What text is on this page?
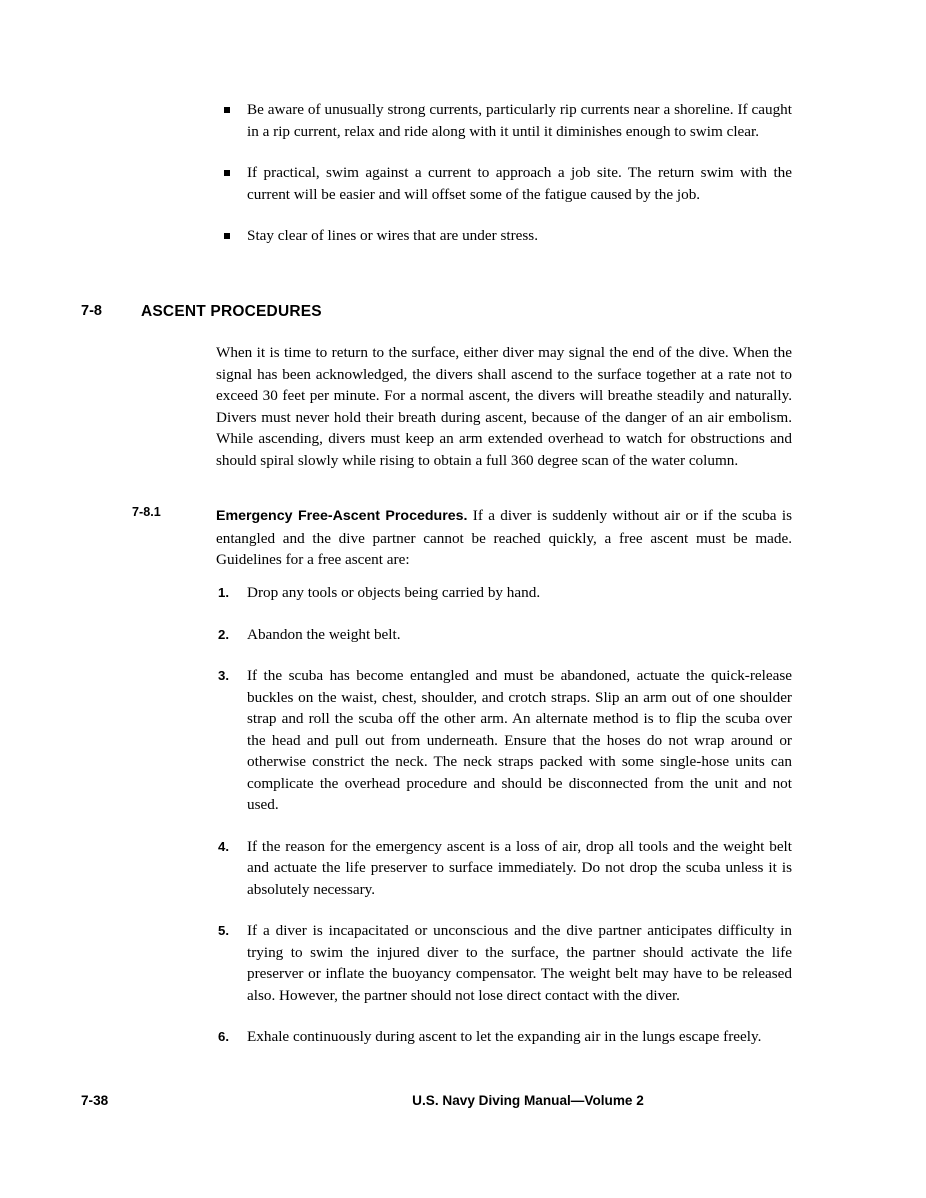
Be aware of unusually strong currents, particularly rip currents near a shoreline. If caught in a rip current, relax and ride along with it until it diminishes enough to swim clear.
If practical, swim against a current to approach a job site. The return swim with the current will be easier and will offset some of the fatigue caused by the job.
Stay clear of lines or wires that are under stress.
7-8	ASCENT PROCEDURES

When it is time to return to the surface, either diver may signal the end of the dive. When the signal has been acknowledged, the divers shall ascend to the surface together at a rate not to exceed 30 feet per minute. For a normal ascent, the divers will breathe steadily and naturally. Divers must never hold their breath during ascent, because of the danger of an air embolism. While ascending, divers must keep an arm extended overhead to watch for obstructions and should spiral slowly while rising to obtain a full 360 degree scan of the water column.

7-8.1	Emergency Free-Ascent Procedures. If a diver is suddenly without air or if the scuba is entangled and the dive partner cannot be reached quickly, a free ascent must be made. Guidelines for a free ascent are:

1. Drop any tools or objects being carried by hand.
2. Abandon the weight belt.
3. If the scuba has become entangled and must be abandoned, actuate the quick-release buckles on the waist, chest, shoulder, and crotch straps. Slip an arm out of one shoulder strap and roll the scuba off the other arm. An alternate method is to flip the scuba over the head and pull out from underneath. Ensure that the hoses do not wrap around or otherwise constrict the neck. The neck straps packed with some single-hose units can complicate the overhead procedure and should be disconnected from the unit and not used.
4. If the reason for the emergency ascent is a loss of air, drop all tools and the weight belt and actuate the life preserver to surface immediately. Do not drop the scuba unless it is absolutely necessary.
5. If a diver is incapacitated or unconscious and the dive partner anticipates difficulty in trying to swim the injured diver to the surface, the partner should activate the life preserver or inflate the buoyancy compensator. The weight belt may have to be released also. However, the partner should not lose direct contact with the diver.
6. Exhale continuously during ascent to let the expanding air in the lungs escape freely.
7-38	U.S. Navy Diving Manual—Volume 2
